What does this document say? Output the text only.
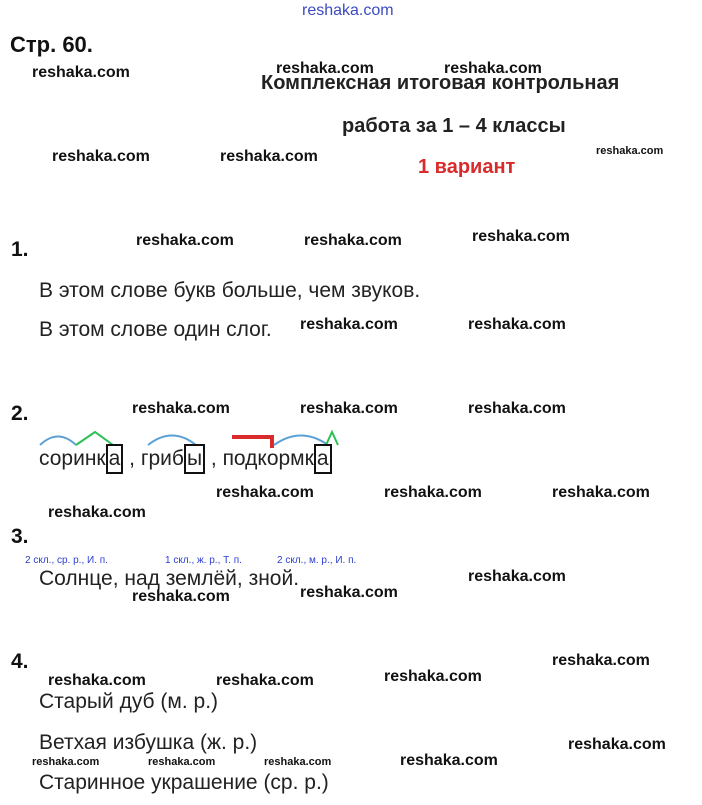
reshaka.com
Стр. 60.
Комплексная итоговая контрольная
работа за 1 – 4 классы
1 вариант
1.
В этом слове букв больше, чем звуков.
В этом слове один слог.
2.
соринк а , гриб ы , подкормк а
3.
2 скл., ср. р., И. п.	1 скл., ж. р., Т. п.	2 скл., м. р., И. п.
Солнце, над землёй, зной.
4.
Старый дуб (м. р.)
Ветхая избушка (ж. р.)
Старинное украшение (ср. р.)
reshaka.com	reshaka.com	reshaka.com
reshaka.com	reshaka.com	reshaka.com
reshaka.com	reshaka.com	reshaka.com
reshaka.com	reshaka.com
reshaka.com	reshaka.com	reshaka.com
reshaka.com	reshaka.com	reshaka.com
reshaka.com
reshaka.com
reshaka.com	reshaka.com
reshaka.com
reshaka.com	reshaka.com	reshaka.com
reshaka.com
reshaka.com	reshaka.com	reshaka.com	reshaka.com
